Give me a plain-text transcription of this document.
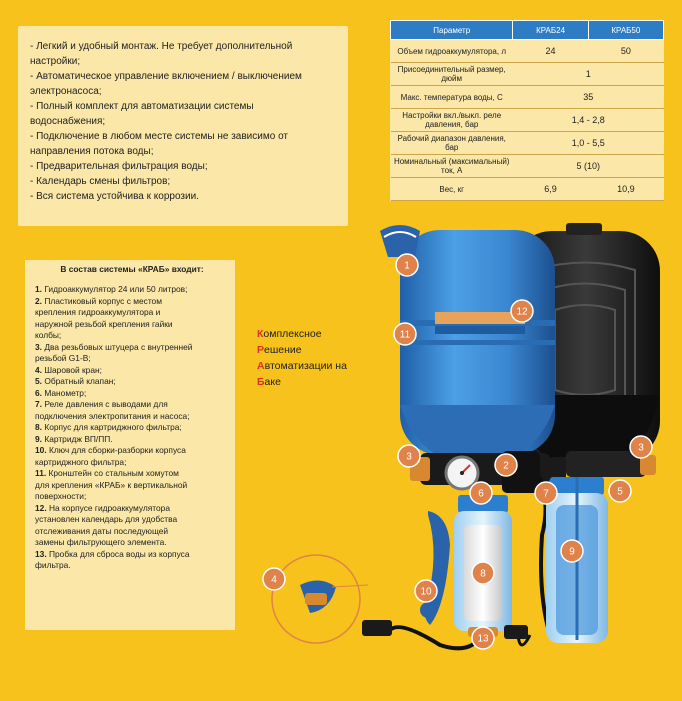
- Легкий и удобный монтаж. Не требует дополнительной
настройки;
- Автоматическое управление включением / выключением
электронасоса;
- Полный комплект для автоматизации системы
водоснабжения;
- Подключение в любом месте системы не зависимо от
направления потока воды;
- Предварительная фильтрация воды;
- Календарь смены фильтров;
- Вся система устойчива к коррозии.
Параметр	КРАБ24	КРАБ50
Объем гидроаккумулятора, л	24	50
Присоединительный размер, дюйм	1	
Макс. температура воды, С	35	
Настройки вкл./выкл. реле давления, бар	1,4 - 2,8	
Рабочий диапазон давления, бар	1,0 - 5,5	
Номинальный (максимальный) ток, А	5 (10)	
Вес, кг	6,9	10,9
В состав системы «КРАБ» входит:
1. Гидроаккумулятор 24 или 50 литров;
2. Пластиковый корпус с местом
крепления гидроаккумулятора и
наружной резьбой крепления гайки
колбы;
3. Два резьбовых штуцера с внутренней
резьбой G1-В;
4. Шаровой кран;
5. Обратный клапан;
6. Манометр;
7. Реле давления с выводами для
подключения электропитания и насоса;
8. Корпус для картриджного фильтра;
9. Картридж ВП/ПП.
10. Ключ для сборки-разборки корпуса
картриджного фильтра;
11. Кронштейн со стальным хомутом
для крепления «КРАБ» к вертикальной
поверхности;
12. На корпусе гидроаккумулятора
установлен календарь для удобства
отслеживания даты последующей
замены фильтрующего элемента.
13. Пробка для сброса воды из корпуса
фильтра.
1
2
3
3
4
5
6	7
8
9
10
11
12
13
Комплексное
Решение
Автоматизации на
Баке
